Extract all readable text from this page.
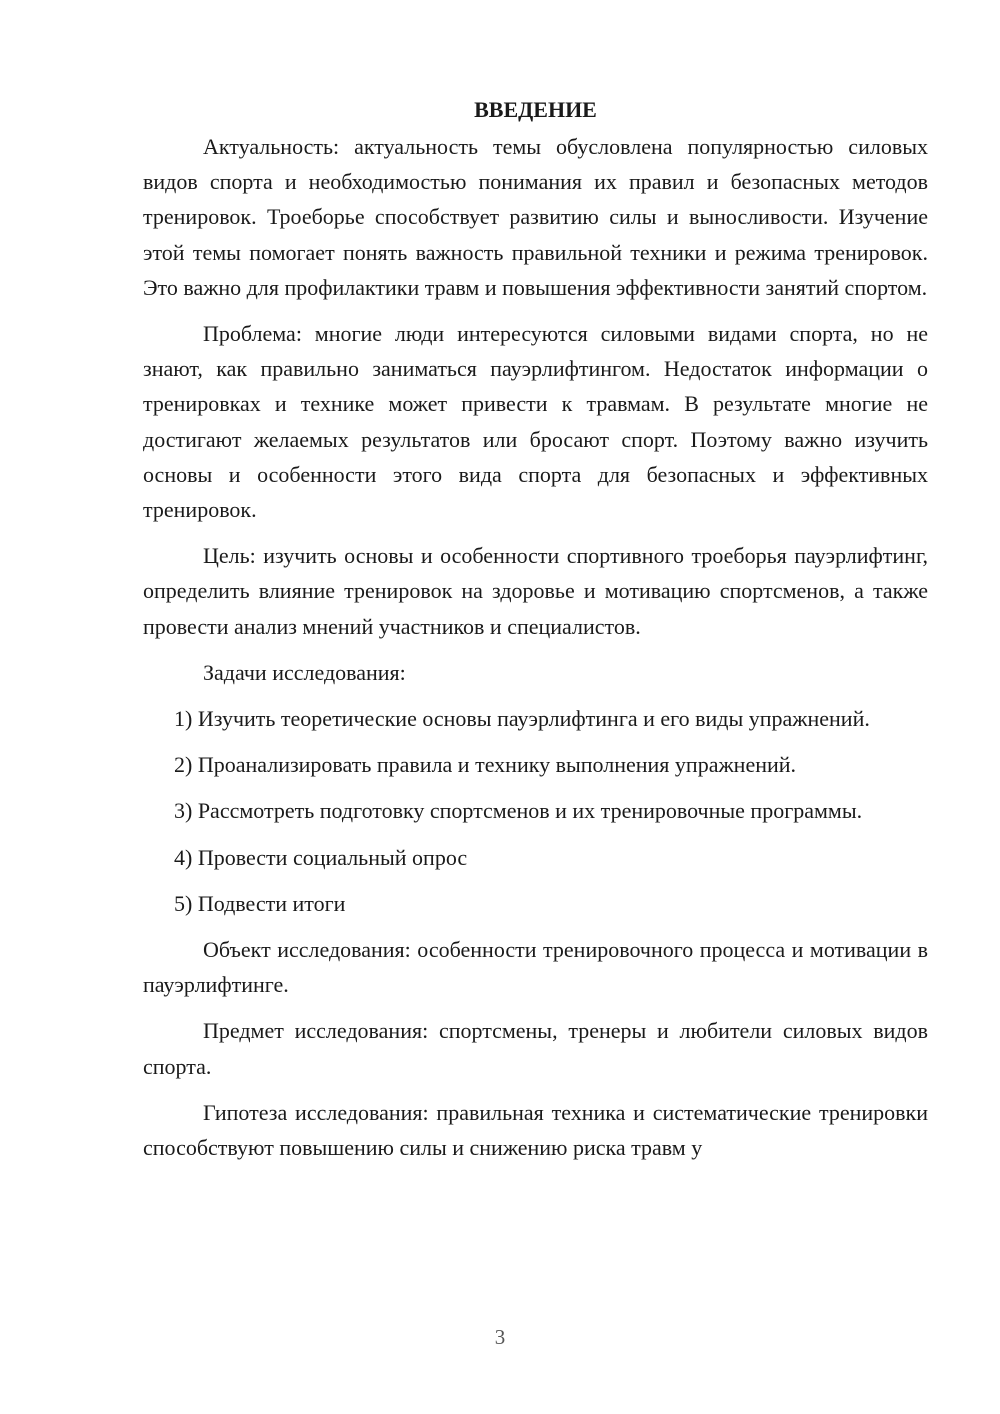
ВВЕДЕНИЕ

Актуальность: актуальность темы обусловлена популярностью силовых видов спорта и необходимостью понимания их правил и безопасных методов тренировок. Троеборье способствует развитию силы и выносливости. Изучение этой темы помогает понять важность правильной техники и режима тренировок. Это важно для профилактики травм и повышения эффективности занятий спортом.

Проблема: многие люди интересуются силовыми видами спорта, но не знают, как правильно заниматься пауэрлифтингом. Недостаток информации о тренировках и технике может привести к травмам. В результате многие не достигают желаемых результатов или бросают спорт. Поэтому важно изучить основы и особенности этого вида спорта для безопасных и эффективных тренировок.

Цель: изучить основы и особенности спортивного троеборья пауэрлифтинг, определить влияние тренировок на здоровье и мотивацию спортсменов, а также провести анализ мнений участников и специалистов.

Задачи исследования:

1) Изучить теоретические основы пауэрлифтинга и его виды упражнений.

2) Проанализировать правила и технику выполнения упражнений.

3) Рассмотреть подготовку спортсменов и их тренировочные программы.

4) Провести социальный опрос

5) Подвести итоги

Объект исследования: особенности тренировочного процесса и мотивации в пауэрлифтинге.

Предмет исследования: спортсмены, тренеры и любители силовых видов спорта.

Гипотеза исследования: правильная техника и систематические тренировки способствуют повышению силы и снижению риска травм у

3
